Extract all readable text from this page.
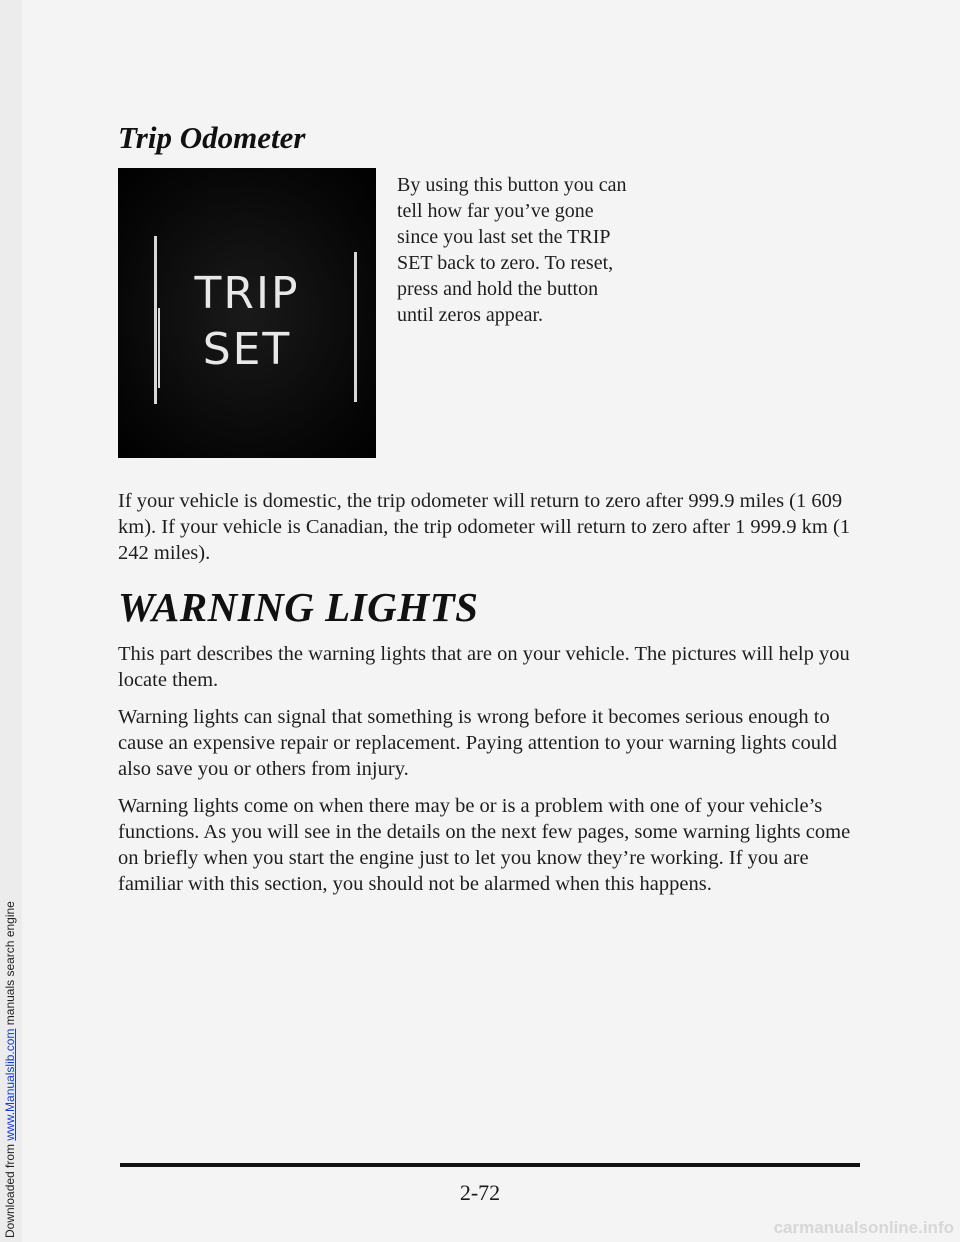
Downloaded from www.Manualslib.com manuals search engine
Trip Odometer
TRIP
SET

By using this button you can tell how far you’ve gone since you last set the TRIP SET back to zero. To reset, press and hold the button until zeros appear.

If your vehicle is domestic, the trip odometer will return to zero after 999.9 miles (1 609 km). If your vehicle is Canadian, the trip odometer will return to zero after 1 999.9 km (1 242 miles).

WARNING LIGHTS

This part describes the warning lights that are on your vehicle. The pictures will help you locate them.

Warning lights can signal that something is wrong before it becomes serious enough to cause an expensive repair or replacement. Paying attention to your warning lights could also save you or others from injury.

Warning lights come on when there may be or is a problem with one of your vehicle’s functions. As you will see in the details on the next few pages, some warning lights come on briefly when you start the engine just to let you know they’re working. If you are familiar with this section, you should not be alarmed when this happens.

2-72
carmanualsonline.info
